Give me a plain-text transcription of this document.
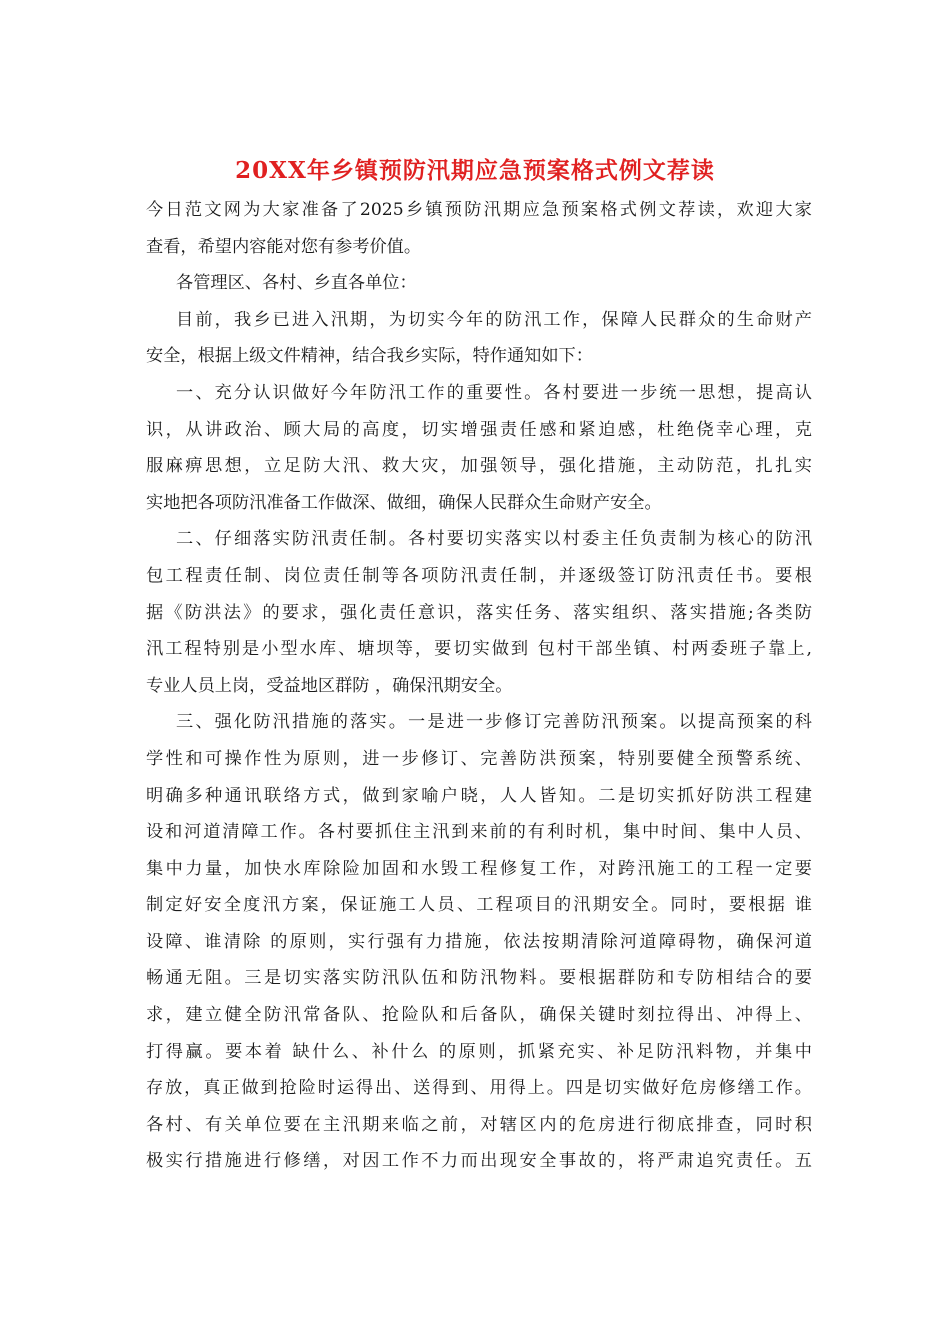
20XX年乡镇预防汛期应急预案格式例文荐读
今日范文网为大家准备了2025乡镇预防汛期应急预案格式例文荐读，欢迎大家
查看，希望内容能对您有参考价值。
各管理区、各村、乡直各单位：
目前，我乡已进入汛期，为切实今年的防汛工作，保障人民群众的生命财产
安全，根据上级文件精神，结合我乡实际，特作通知如下：
一、充分认识做好今年防汛工作的重要性。各村要进一步统一思想，提高认
识，从讲政治、顾大局的高度，切实增强责任感和紧迫感，杜绝侥幸心理，克
服麻痹思想，立足防大汛、救大灾，加强领导，强化措施，主动防范，扎扎实
实地把各项防汛准备工作做深、做细，确保人民群众生命财产安全。
二、仔细落实防汛责任制。各村要切实落实以村委主任负责制为核心的防汛
包工程责任制、岗位责任制等各项防汛责任制，并逐级签订防汛责任书。要根
据《防洪法》的要求，强化责任意识，落实任务、落实组织、落实措施;各类防
汛工程特别是小型水库、塘坝等，要切实做到 包村干部坐镇、村两委班子靠上,
专业人员上岗，受益地区群防 ，确保汛期安全。
三、强化防汛措施的落实。一是进一步修订完善防汛预案。以提高预案的科
学性和可操作性为原则，进一步修订、完善防洪预案，特别要健全预警系统、
明确多种通讯联络方式，做到家喻户晓，人人皆知。二是切实抓好防洪工程建
设和河道清障工作。各村要抓住主汛到来前的有利时机，集中时间、集中人员、
集中力量，加快水库除险加固和水毁工程修复工作，对跨汛施工的工程一定要
制定好安全度汛方案，保证施工人员、工程项目的汛期安全。同时，要根据 谁
设障、谁清除 的原则，实行强有力措施，依法按期清除河道障碍物，确保河道
畅通无阻。三是切实落实防汛队伍和防汛物料。要根据群防和专防相结合的要
求，建立健全防汛常备队、抢险队和后备队，确保关键时刻拉得出、冲得上、
打得赢。要本着 缺什么、补什么 的原则，抓紧充实、补足防汛料物，并集中
存放，真正做到抢险时运得出、送得到、用得上。四是切实做好危房修缮工作。
各村、有关单位要在主汛期来临之前，对辖区内的危房进行彻底排查，同时积
极实行措施进行修缮，对因工作不力而出现安全事故的，将严肃追究责任。五
